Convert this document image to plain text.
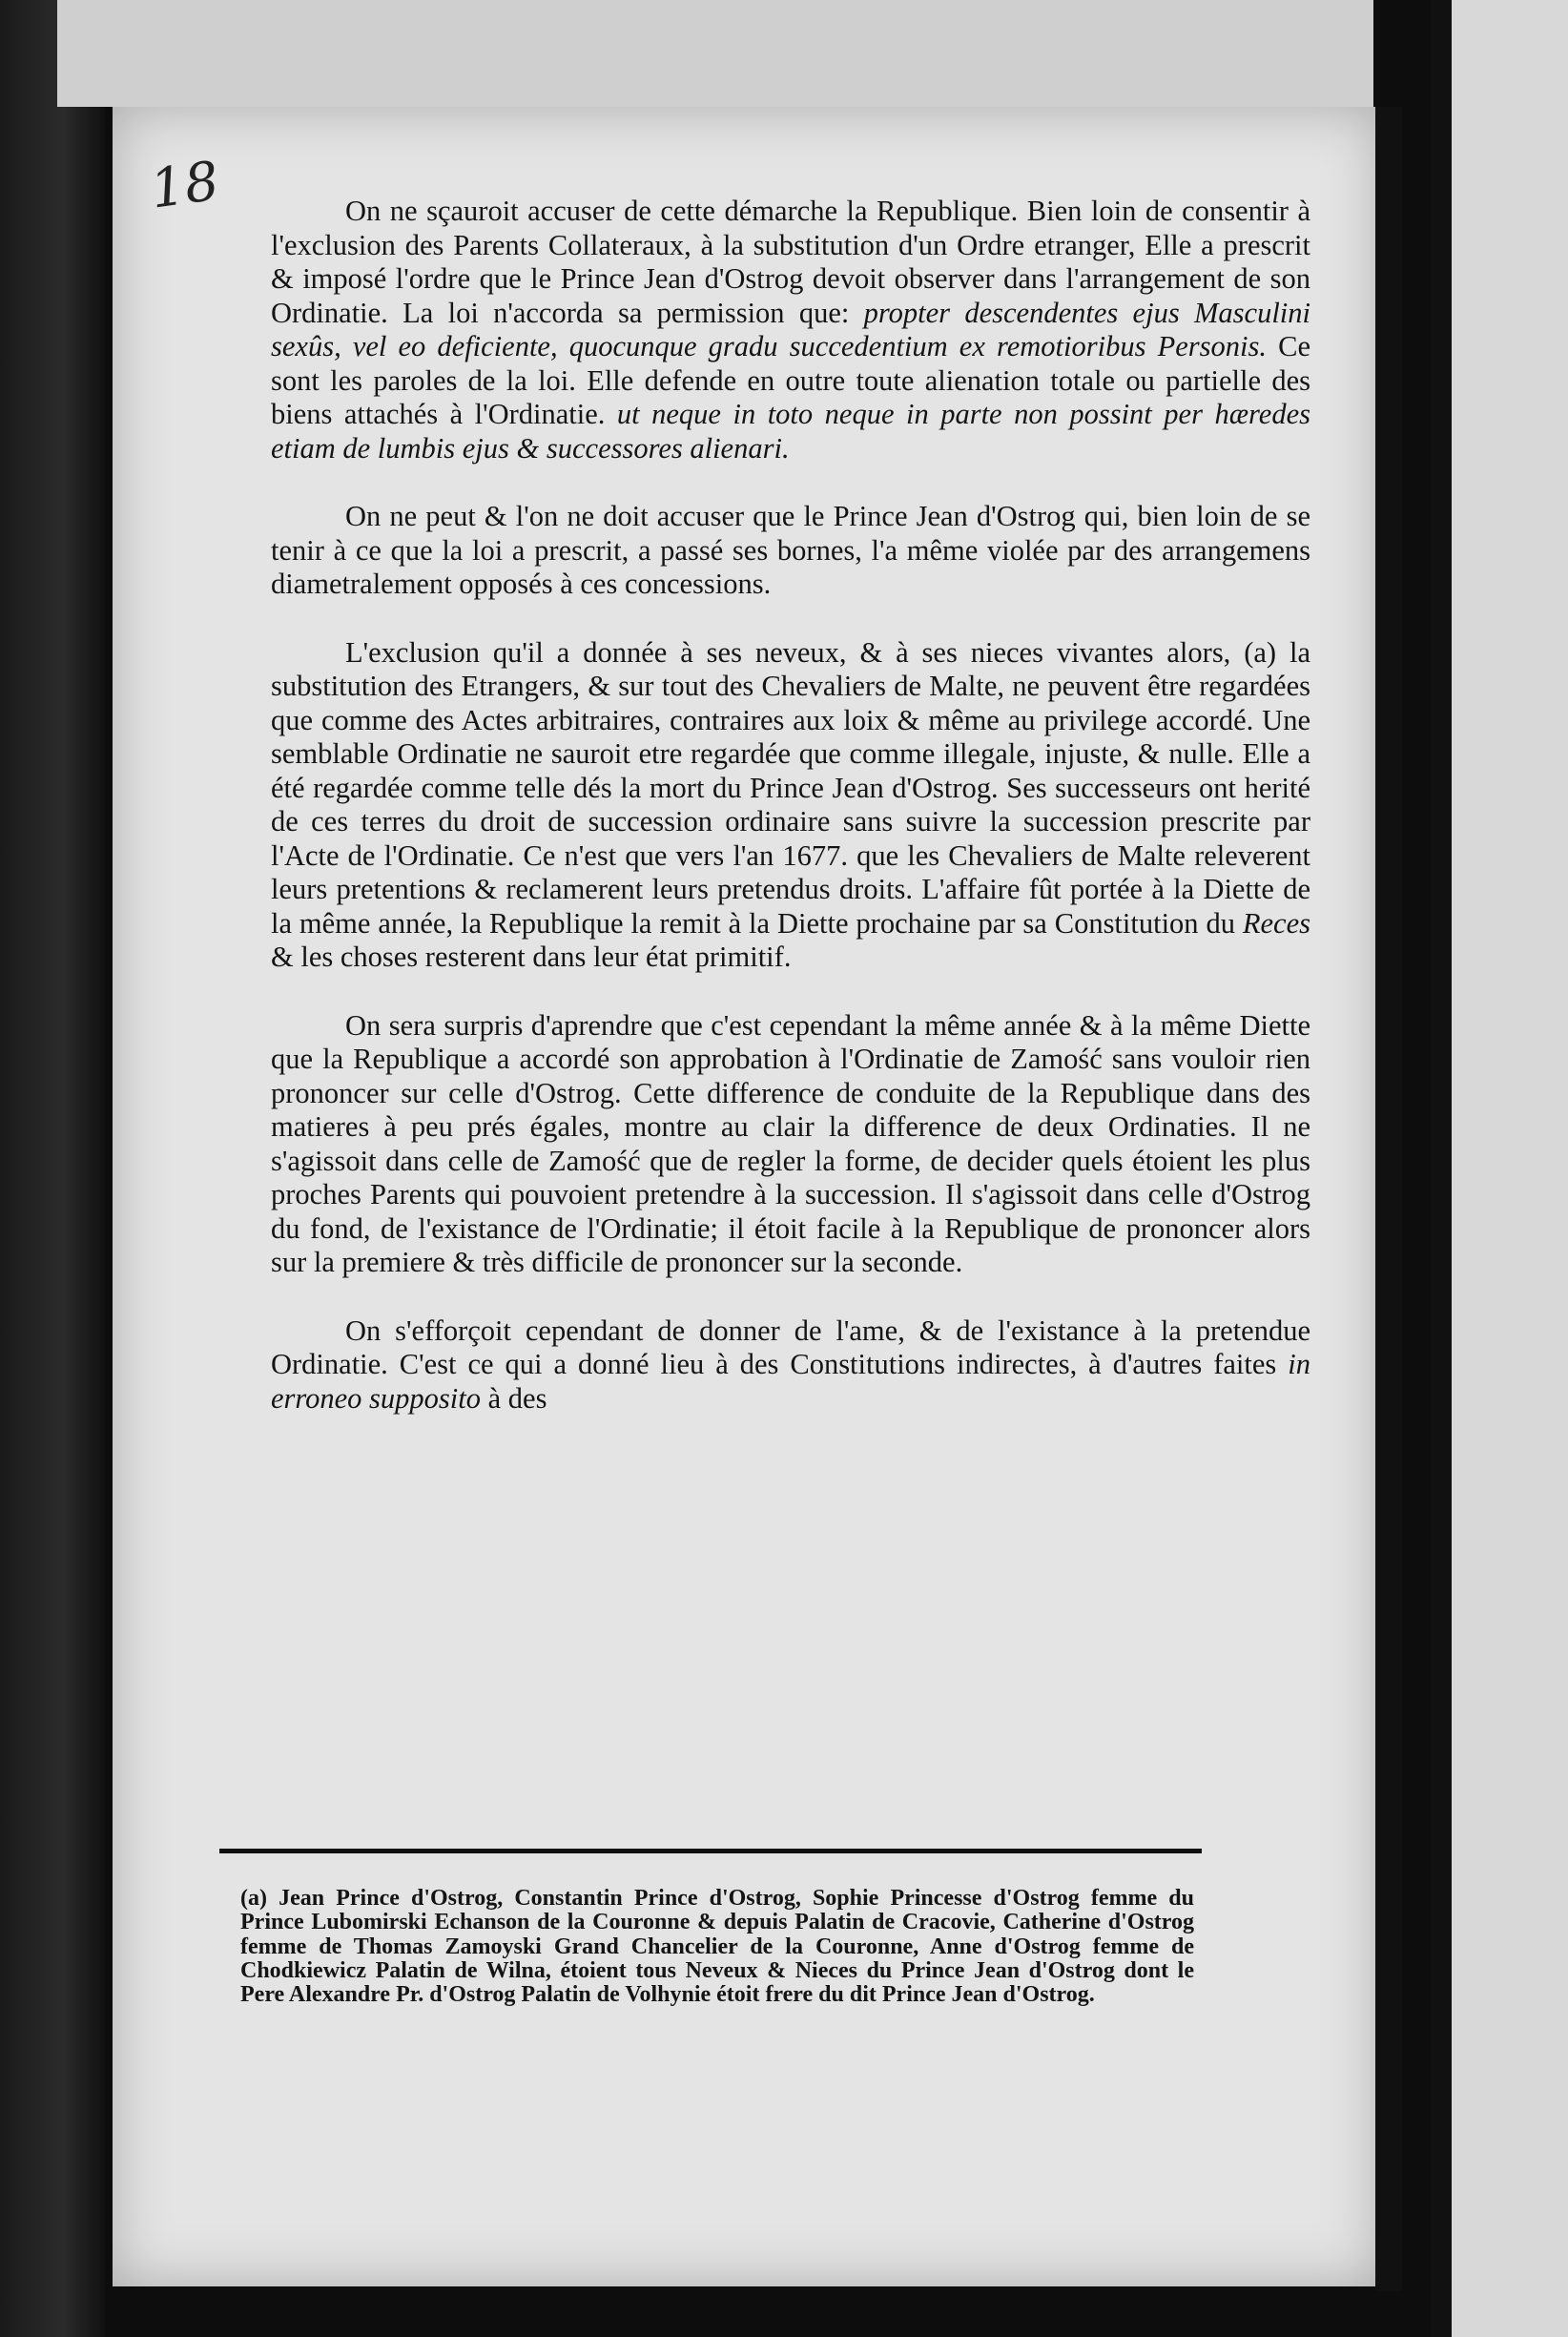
18	On ne sçauroit accuser de cette démarche la Republique. Bien loin de consentir à l'exclusion des Parents Collateraux, à la substitution d'un Ordre etranger, Elle a prescrit & imposé l'ordre que le Prince Jean d'Ostrog devoit observer dans l'arrangement de son Ordinatie. La loi n'accorda sa permission que: propter descendentes ejus Masculini sexûs, vel eo deficiente, quocunque gradu succedentium ex remotioribus Personis. Ce sont les paroles de la loi. Elle defende en outre toute alienation totale ou partielle des biens attachés à l'Ordinatie. ut neque in toto neque in parte non possint per hæredes etiam de lumbis ejus & successores alienari.

On ne peut & l'on ne doit accuser que le Prince Jean d'Ostrog qui, bien loin de se tenir à ce que la loi a prescrit, a passé ses bornes, l'a même violée par des arrangemens diametralement opposés à ces concessions.

L'exclusion qu'il a donnée à ses neveux, & à ses nieces vivantes alors, (a) la substitution des Etrangers, & sur tout des Chevaliers de Malte, ne peuvent être regardées que comme des Actes arbitraires, contraires aux loix & même au privilege accordé. Une semblable Ordinatie ne sauroit etre regardée que comme illegale, injuste, & nulle. Elle a été regardée comme telle dés la mort du Prince Jean d'Ostrog. Ses successeurs ont herité de ces terres du droit de succession ordinaire sans suivre la succession prescrite par l'Acte de l'Ordinatie. Ce n'est que vers l'an 1677. que les Chevaliers de Malte releverent leurs pretentions & reclamerent leurs pretendus droits. L'affaire fût portée à la Diette de la même année, la Republique la remit à la Diette prochaine par sa Constitution du Reces & les choses resterent dans leur état primitif.

On sera surpris d'aprendre que c'est cependant la même année & à la même Diette que la Republique a accordé son approbation à l'Ordinatie de Zamość sans vouloir rien prononcer sur celle d'Ostrog. Cette difference de conduite de la Republique dans des matieres à peu prés égales, montre au clair la difference de deux Ordinaties. Il ne s'agissoit dans celle de Zamość que de regler la forme, de decider quels étoient les plus proches Parents qui pouvoient pretendre à la succession. Il s'agissoit dans celle d'Ostrog du fond, de l'existance de l'Ordinatie; il étoit facile à la Republique de prononcer alors sur la premiere & très difficile de prononcer sur la seconde.

On s'efforçoit cependant de donner de l'ame, & de l'existance à la pretendue Ordinatie. C'est ce qui a donné lieu à des Constitutions indirectes, à d'autres faites in erroneo supposito à des

(a) Jean Prince d'Ostrog, Constantin Prince d'Ostrog, Sophie Princesse d'Ostrog femme du Prince Lubomirski Echanson de la Couronne & depuis Palatin de Cracovie, Catherine d'Ostrog femme de Thomas Zamoyski Grand Chancelier de la Couronne, Anne d'Ostrog femme de Chodkiewicz Palatin de Wilna, étoient tous Neveux & Nieces du Prince Jean d'Ostrog dont le Pere Alexandre Pr. d'Ostrog Palatin de Volhynie étoit frere du dit Prince Jean d'Ostrog.
